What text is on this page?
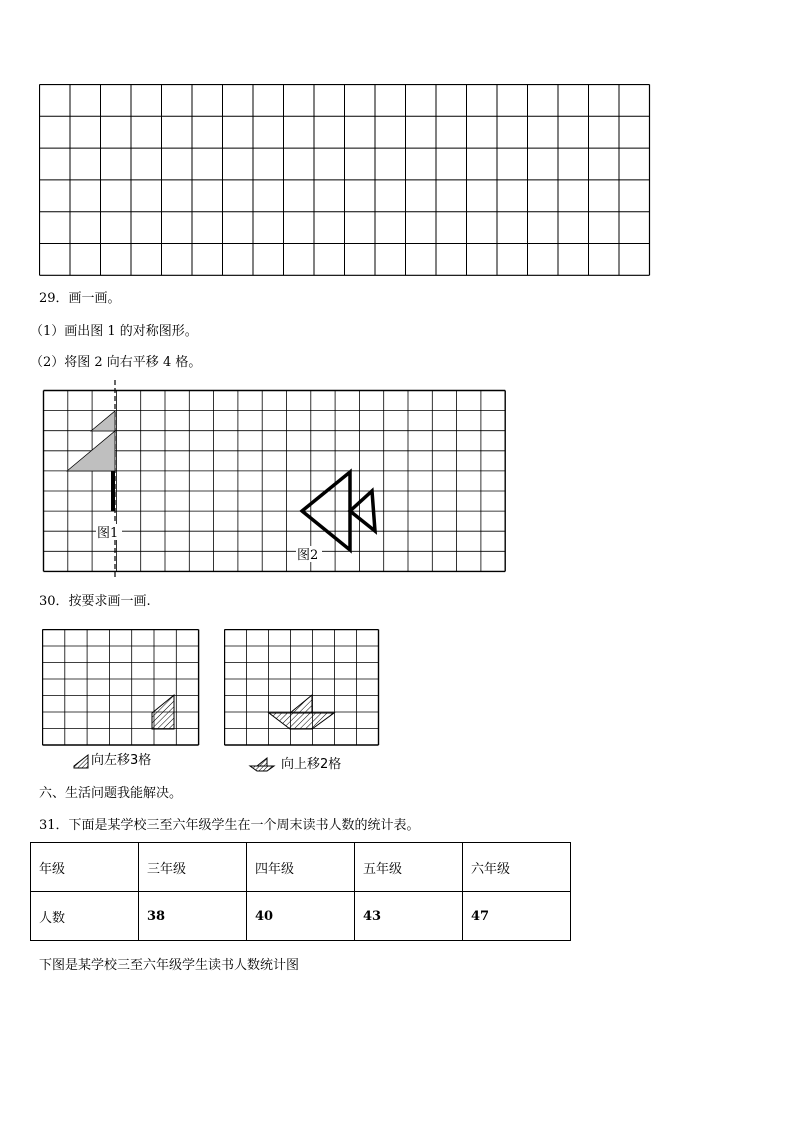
29．画一画。
（1）画出图 1 的对称图形。
（2）将图 2 向右平移 4 格。
图1
图2
30．按要求画一画.
向左移3格	向上移2格
六、生活问题我能解决。
31．下面是某学校三至六年级学生在一个周末读书人数的统计表。
年级	三年级	四年级	五年级	六年级
人数	38	40	43	47
下图是某学校三至六年级学生读书人数统计图
